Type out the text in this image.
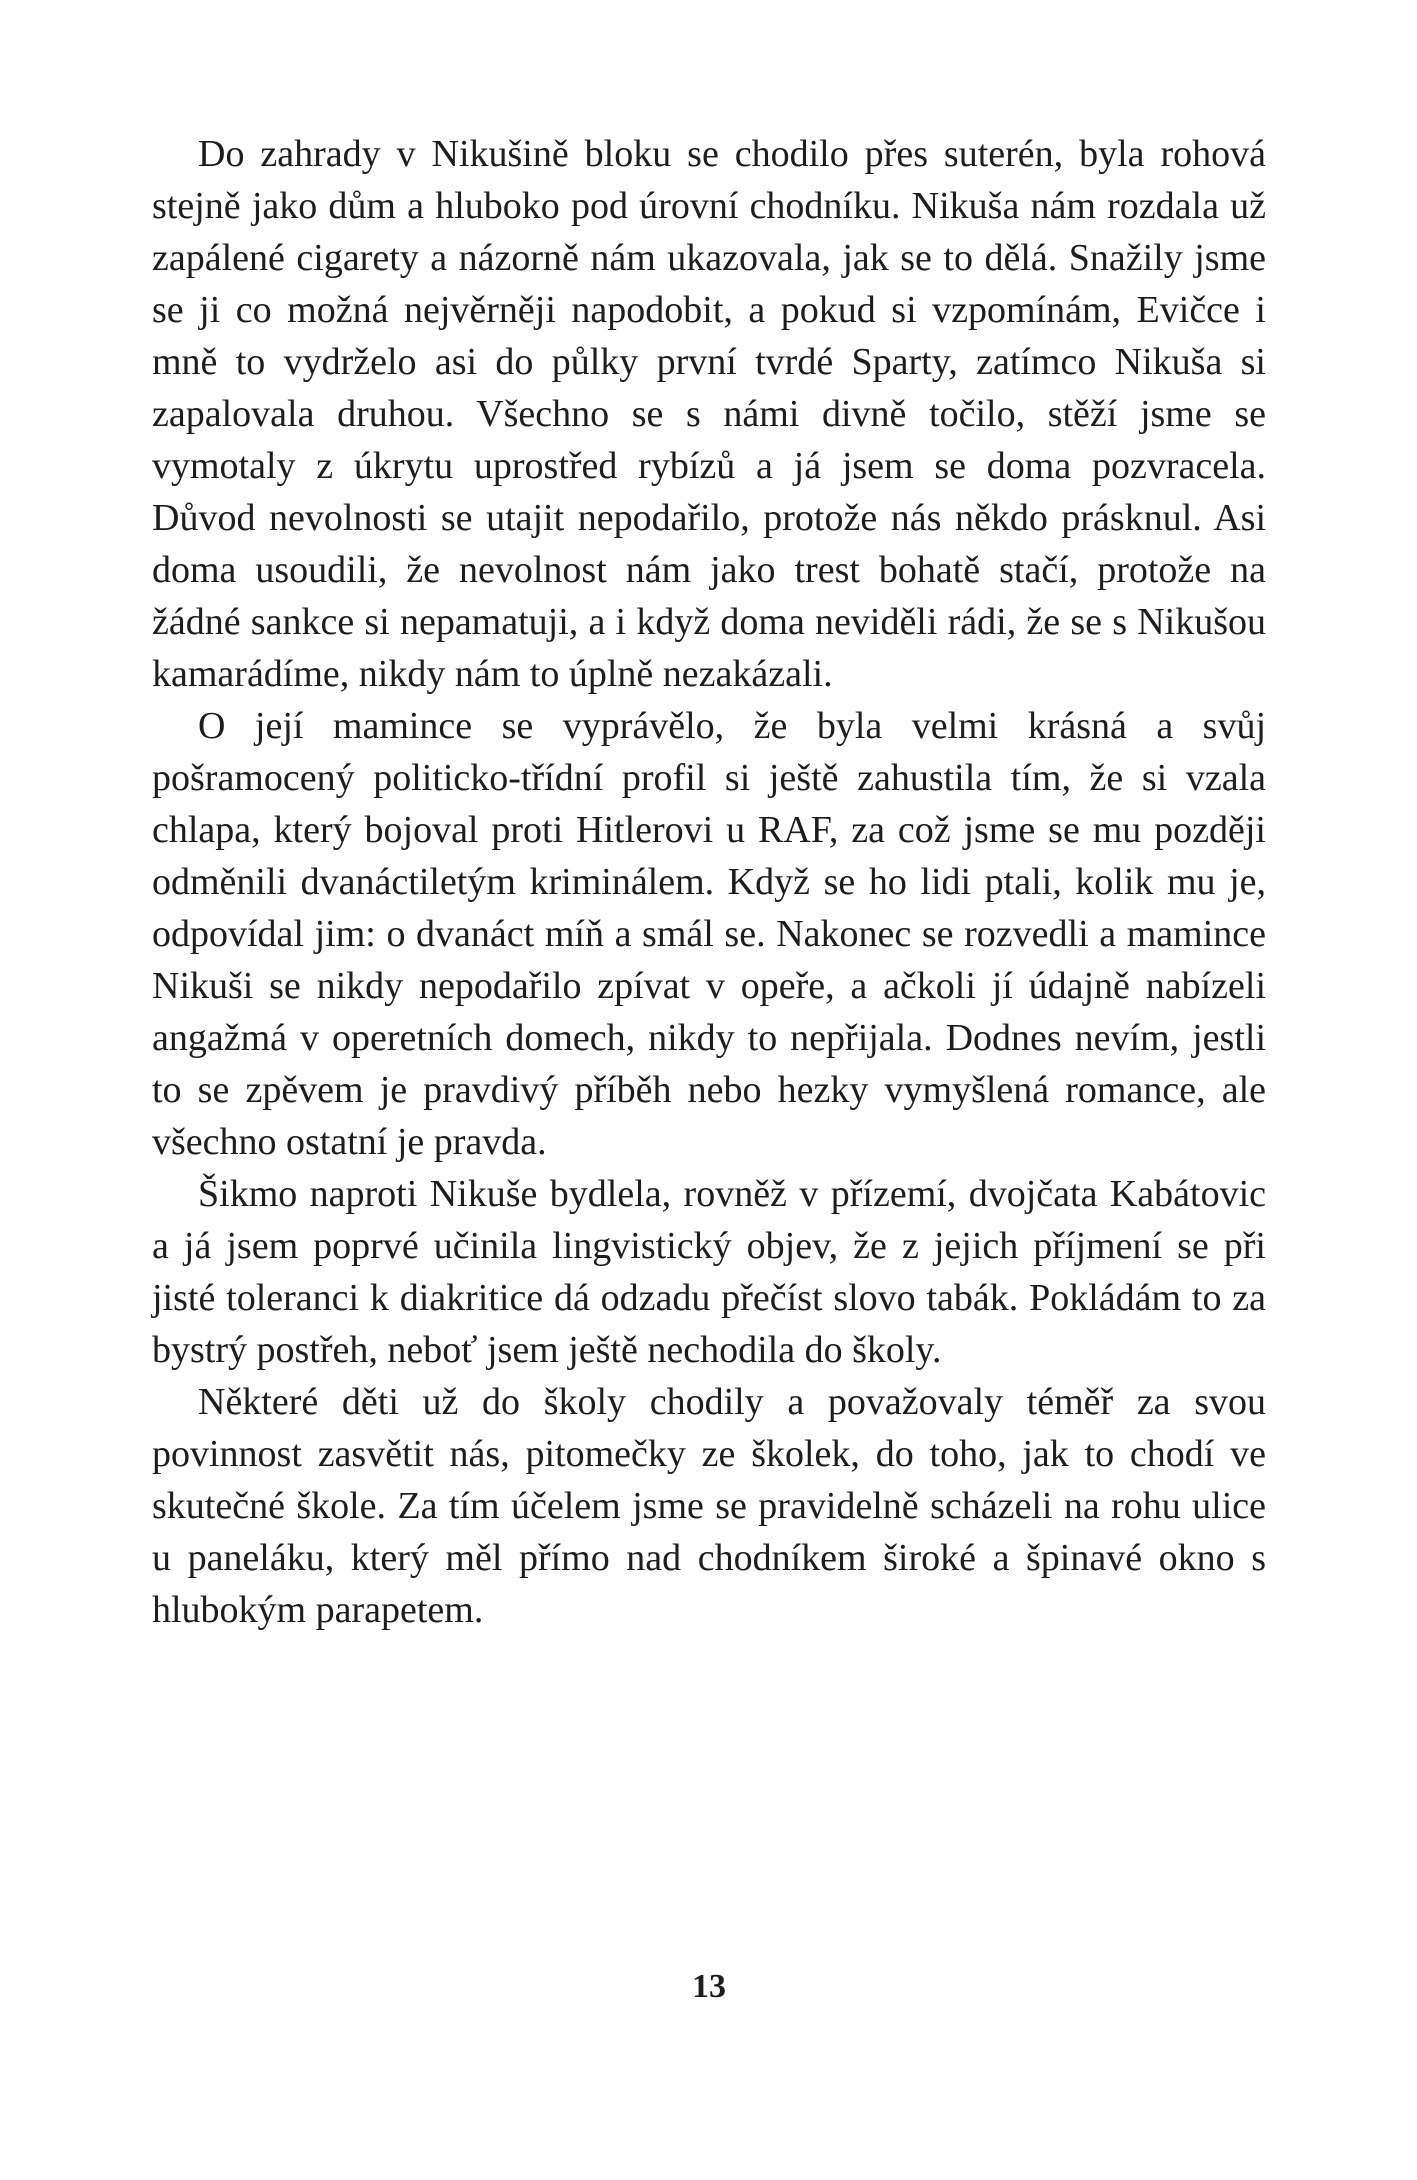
Do zahrady v Nikušině bloku se chodilo přes suterén, byla rohová stejně jako dům a hluboko pod úrovní chodníku. Nikuša nám rozdala už zapálené cigarety a názorně nám ukazovala, jak se to dělá. Snažily jsme se ji co možná nejvěrněji napodobit, a pokud si vzpomínám, Evičce i mně to vydrželo asi do půlky první tvrdé Sparty, zatímco Nikuša si zapalovala druhou. Všechno se s námi divně točilo, stěží jsme se vymotaly z úkrytu uprostřed rybízů a já jsem se doma pozvracela. Důvod nevolnosti se utajit nepodařilo, protože nás někdo prásknul. Asi doma usoudili, že nevolnost nám jako trest bohatě stačí, protože na žádné sankce si nepamatuji, a i když doma neviděli rádi, že se s Nikušou kamarádíme, nikdy nám to úplně nezakázali.

O její mamince se vyprávělo, že byla velmi krásná a svůj pošramocený politicko-třídní profil si ještě zahustila tím, že si vzala chlapa, který bojoval proti Hitlerovi u RAF, za což jsme se mu později odměnili dvanáctiletým kriminálem. Když se ho lidi ptali, kolik mu je, odpovídal jim: o dvanáct míň a smál se. Nakonec se rozvedli a mamince Nikuši se nikdy nepodařilo zpívat v opeře, a ačkoli jí údajně nabízeli angažmá v operetních domech, nikdy to nepřijala. Dodnes nevím, jestli to se zpěvem je pravdivý příběh nebo hezky vymyšlená romance, ale všechno ostatní je pravda.

Šikmo naproti Nikuše bydlela, rovněž v přízemí, dvojčata Kabátovic a já jsem poprvé učinila lingvistický objev, že z jejich příjmení se při jisté toleranci k diakritice dá odzadu přečíst slovo tabák. Pokládám to za bystrý postřeh, neboť jsem ještě nechodila do školy.

Některé děti už do školy chodily a považovaly téměř za svou povinnost zasvětit nás, pitomečky ze školek, do toho, jak to chodí ve skutečné škole. Za tím účelem jsme se pravidelně scházeli na rohu ulice u paneláku, který měl přímo nad chodníkem široké a špinavé okno s hlubokým parapetem.

13
